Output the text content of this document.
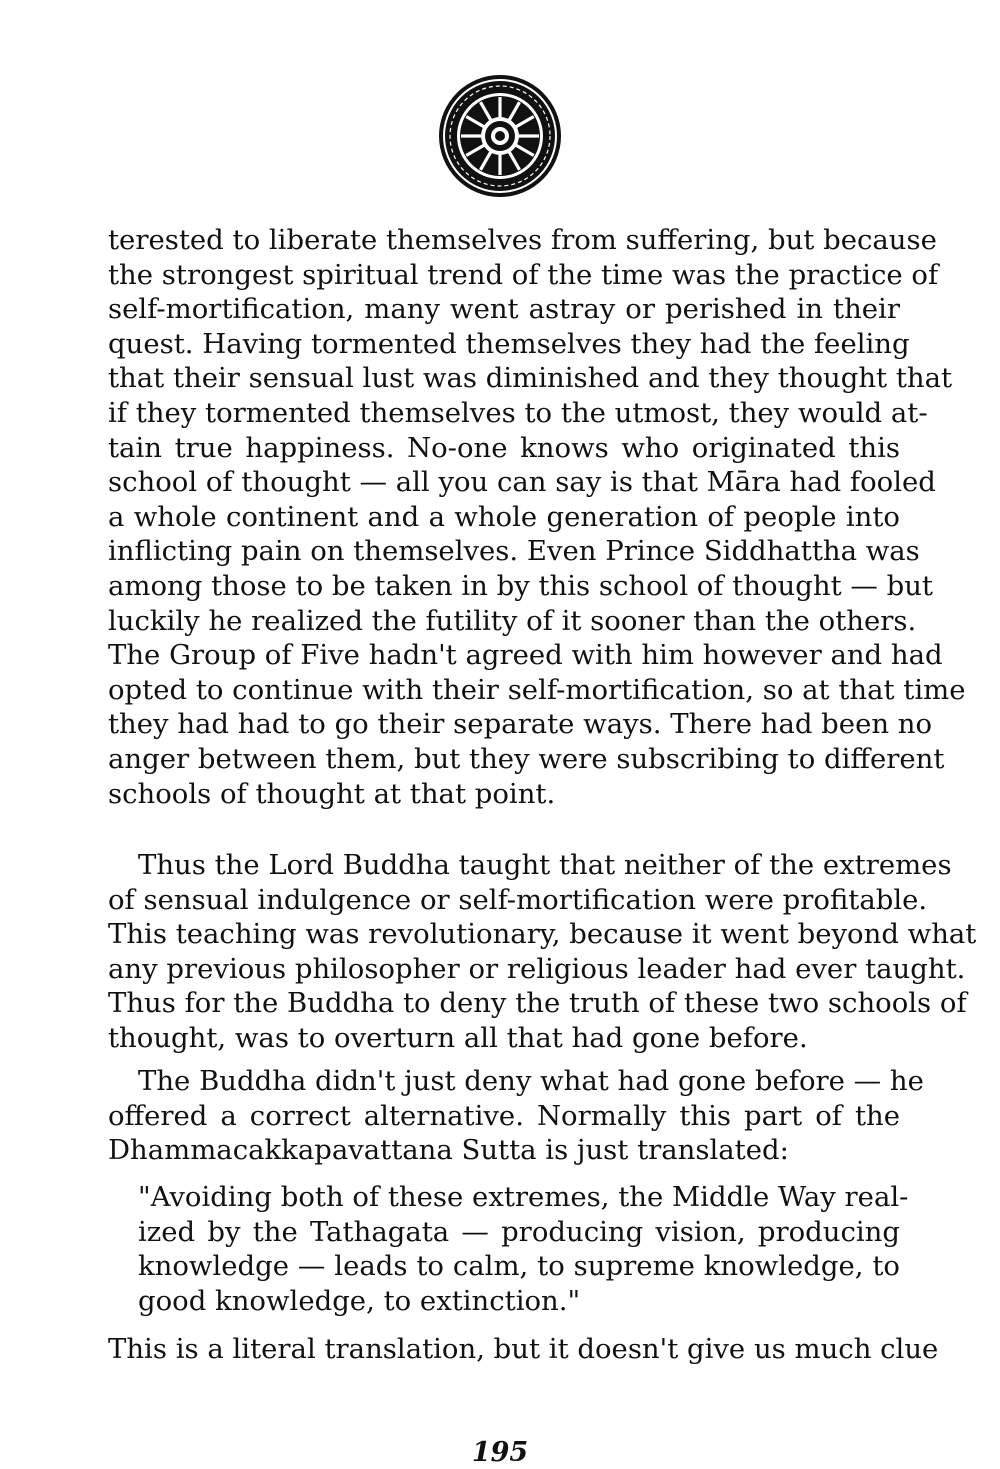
terested to liberate themselves from suffering, but because
the strongest spiritual trend of the time was the practice of
self-mortification, many went astray or perished in their
quest. Having tormented themselves they had the feeling
that their sensual lust was diminished and they thought that
if they tormented themselves to the utmost, they would at-
tain true happiness. No-one knows who originated this
school of thought — all you can say is that Māra had fooled
a whole continent and a whole generation of people into
inflicting pain on themselves. Even Prince Siddhattha was
among those to be taken in by this school of thought — but
luckily he realized the futility of it sooner than the others.
The Group of Five hadn't agreed with him however and had
opted to continue with their self-mortification, so at that time
they had had to go their separate ways. There had been no
anger between them, but they were subscribing to different
schools of thought at that point.

Thus the Lord Buddha taught that neither of the extremes
of sensual indulgence or self-mortification were profitable.
This teaching was revolutionary, because it went beyond what
any previous philosopher or religious leader had ever taught.
Thus for the Buddha to deny the truth of these two schools of
thought, was to overturn all that had gone before.

The Buddha didn't just deny what had gone before — he
offered a correct alternative. Normally this part of the
Dhammacakkapavattana Sutta is just translated:

"Avoiding both of these extremes, the Middle Way real-
ized by the Tathagata — producing vision, producing
knowledge — leads to calm, to supreme knowledge, to
good knowledge, to extinction."

This is a literal translation, but it doesn't give us much clue

195
